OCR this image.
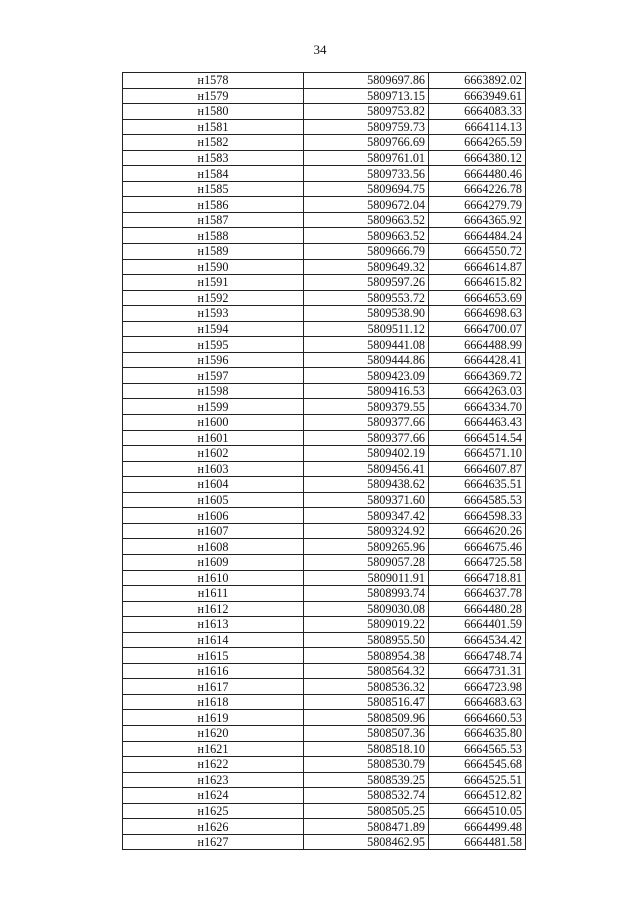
34
н1578	5809697.86	6663892.02
н1579	5809713.15	6663949.61
н1580	5809753.82	6664083.33
н1581	5809759.73	6664114.13
н1582	5809766.69	6664265.59
н1583	5809761.01	6664380.12
н1584	5809733.56	6664480.46
н1585	5809694.75	6664226.78
н1586	5809672.04	6664279.79
н1587	5809663.52	6664365.92
н1588	5809663.52	6664484.24
н1589	5809666.79	6664550.72
н1590	5809649.32	6664614.87
н1591	5809597.26	6664615.82
н1592	5809553.72	6664653.69
н1593	5809538.90	6664698.63
н1594	5809511.12	6664700.07
н1595	5809441.08	6664488.99
н1596	5809444.86	6664428.41
н1597	5809423.09	6664369.72
н1598	5809416.53	6664263.03
н1599	5809379.55	6664334.70
н1600	5809377.66	6664463.43
н1601	5809377.66	6664514.54
н1602	5809402.19	6664571.10
н1603	5809456.41	6664607.87
н1604	5809438.62	6664635.51
н1605	5809371.60	6664585.53
н1606	5809347.42	6664598.33
н1607	5809324.92	6664620.26
н1608	5809265.96	6664675.46
н1609	5809057.28	6664725.58
н1610	5809011.91	6664718.81
н1611	5808993.74	6664637.78
н1612	5809030.08	6664480.28
н1613	5809019.22	6664401.59
н1614	5808955.50	6664534.42
н1615	5808954.38	6664748.74
н1616	5808564.32	6664731.31
н1617	5808536.32	6664723.98
н1618	5808516.47	6664683.63
н1619	5808509.96	6664660.53
н1620	5808507.36	6664635.80
н1621	5808518.10	6664565.53
н1622	5808530.79	6664545.68
н1623	5808539.25	6664525.51
н1624	5808532.74	6664512.82
н1625	5808505.25	6664510.05
н1626	5808471.89	6664499.48
н1627	5808462.95	6664481.58
